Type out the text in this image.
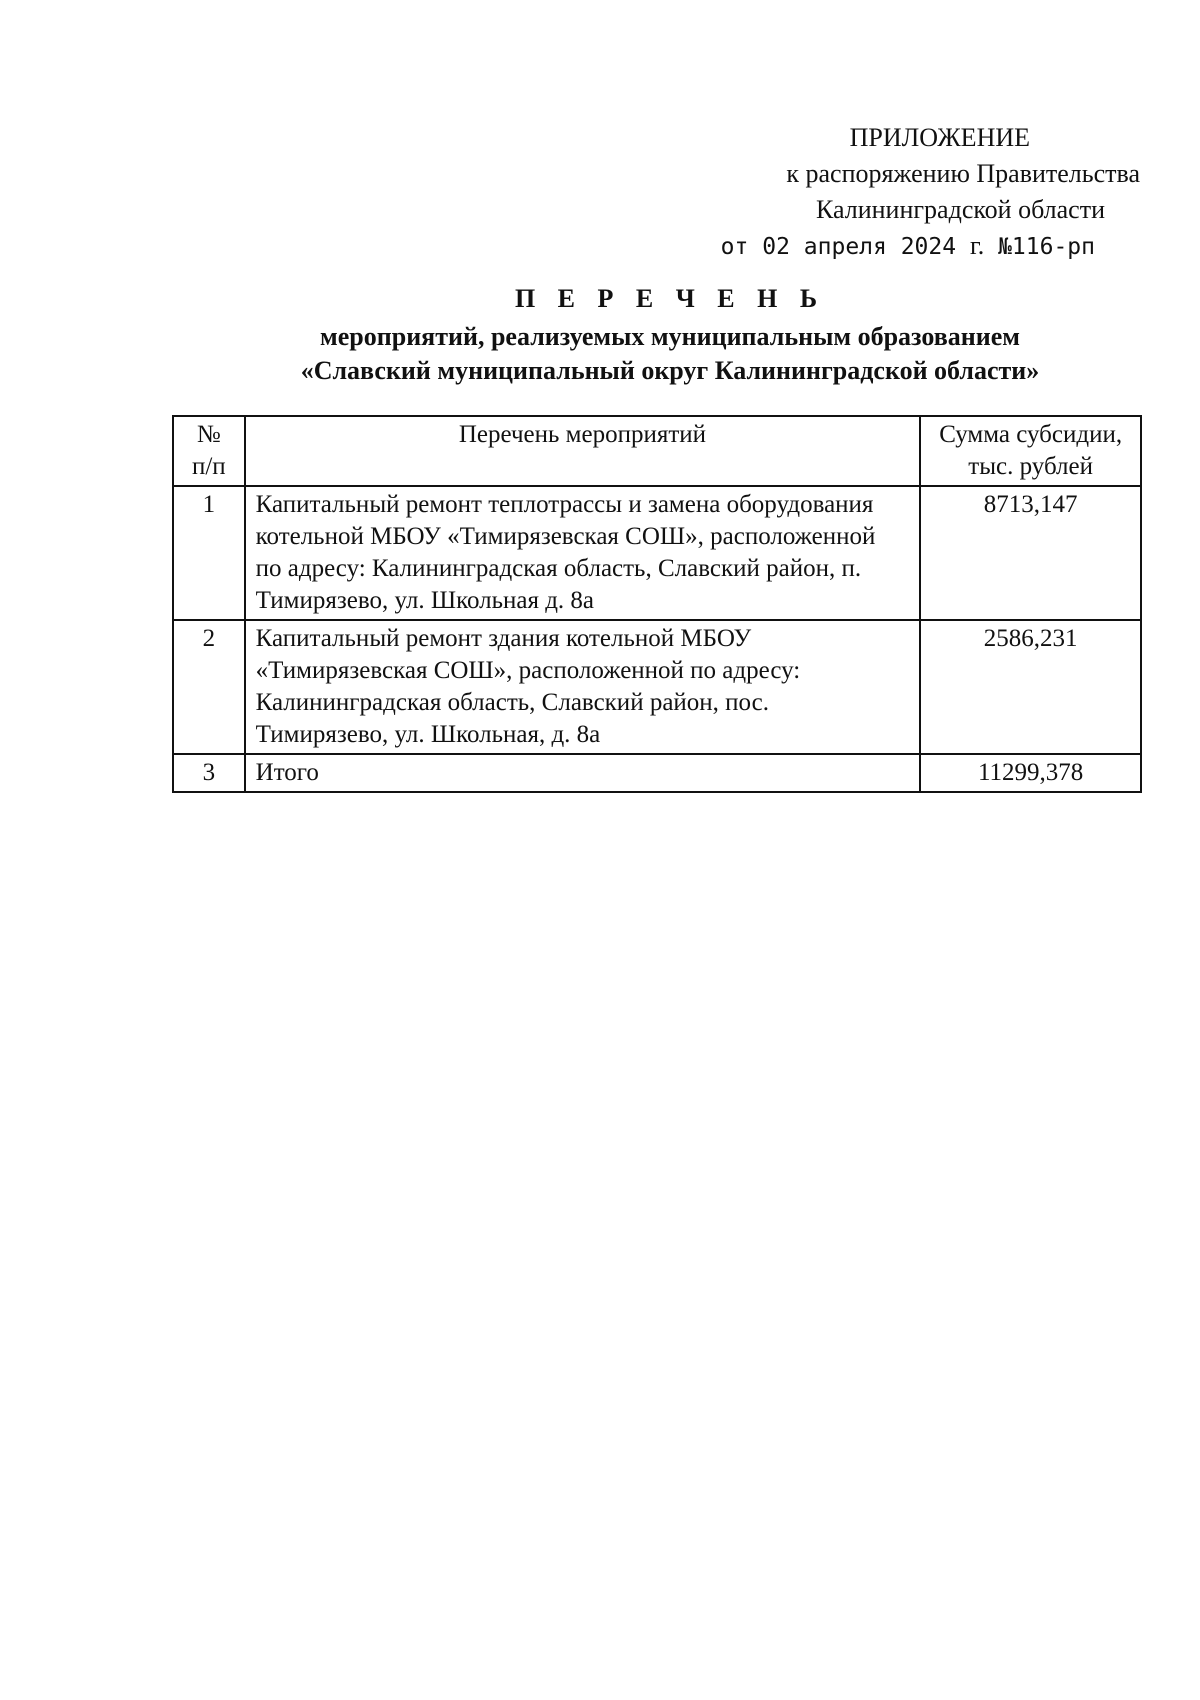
ПРИЛОЖЕНИЕ
к распоряжению Правительства
Калининградской области
от 02 апреля 2024 г. №116-рп
П Е Р Е Ч Е Н Ь
мероприятий, реализуемых муниципальным образованием
«Славский муниципальный округ Калининградской области»
№ п/п	Перечень мероприятий	Сумма субсидии, тыс. рублей
1	Капитальный ремонт теплотрассы и замена оборудования котельной МБОУ «Тимирязевская СОШ», расположенной по адресу: Калининградская область, Славский район, п. Тимирязево, ул. Школьная д. 8а	8713,147
2	Капитальный ремонт здания котельной МБОУ «Тимирязевская СОШ», расположенной по адресу: Калининградская область, Славский район, пос. Тимирязево, ул. Школьная, д. 8а	2586,231
3	Итого	11299,378
